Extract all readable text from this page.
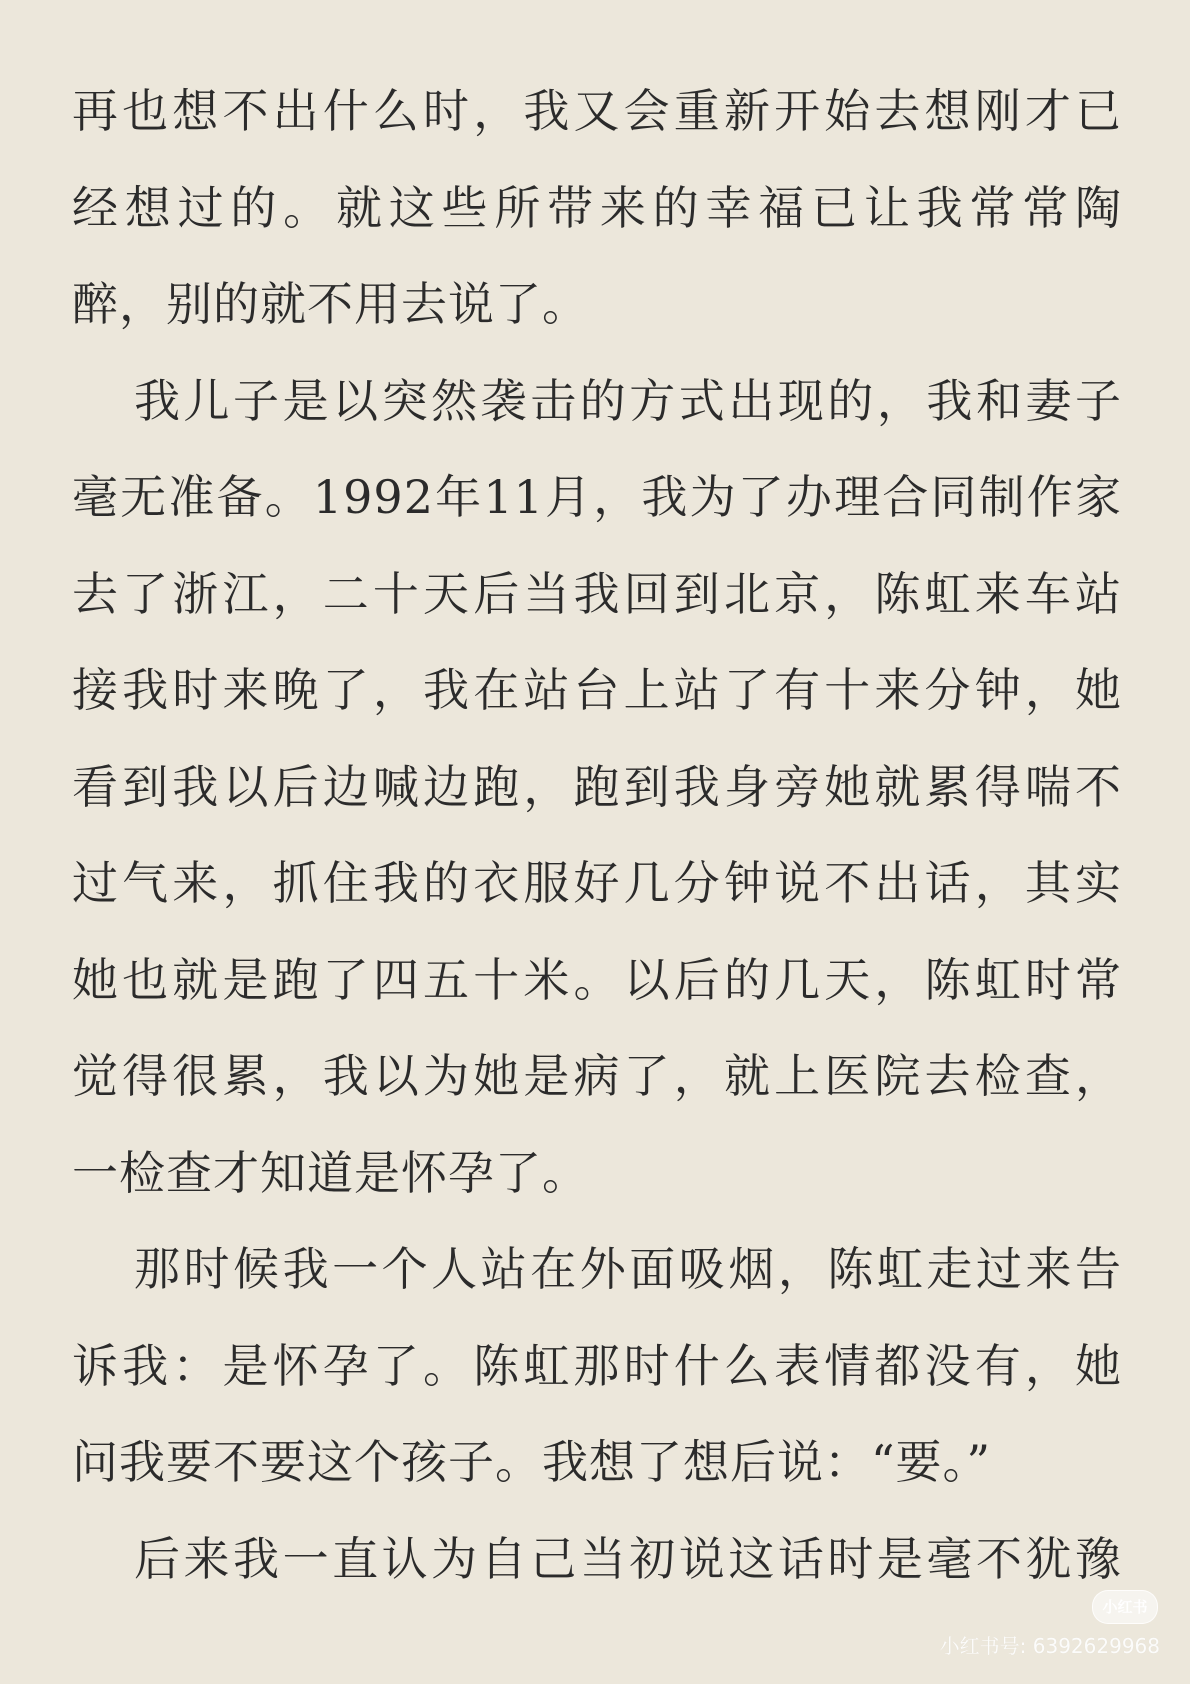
再也想不出什么时，我又会重新开始去想刚才已
经想过的。就这些所带来的幸福已让我常常陶
醉，别的就不用去说了。
我儿子是以突然袭击的方式出现的，我和妻子
毫无准备。1992年11月，我为了办理合同制作家
去了浙江，二十天后当我回到北京，陈虹来车站
接我时来晚了，我在站台上站了有十来分钟，她
看到我以后边喊边跑，跑到我身旁她就累得喘不
过气来，抓住我的衣服好几分钟说不出话，其实
她也就是跑了四五十米。以后的几天，陈虹时常
觉得很累，我以为她是病了，就上医院去检查，
一检查才知道是怀孕了。
那时候我一个人站在外面吸烟，陈虹走过来告
诉我：是怀孕了。陈虹那时什么表情都没有，她
问我要不要这个孩子。我想了想后说：“要。”
后来我一直认为自己当初说这话时是毫不犹豫
小红书
小红书号: 6392629968
